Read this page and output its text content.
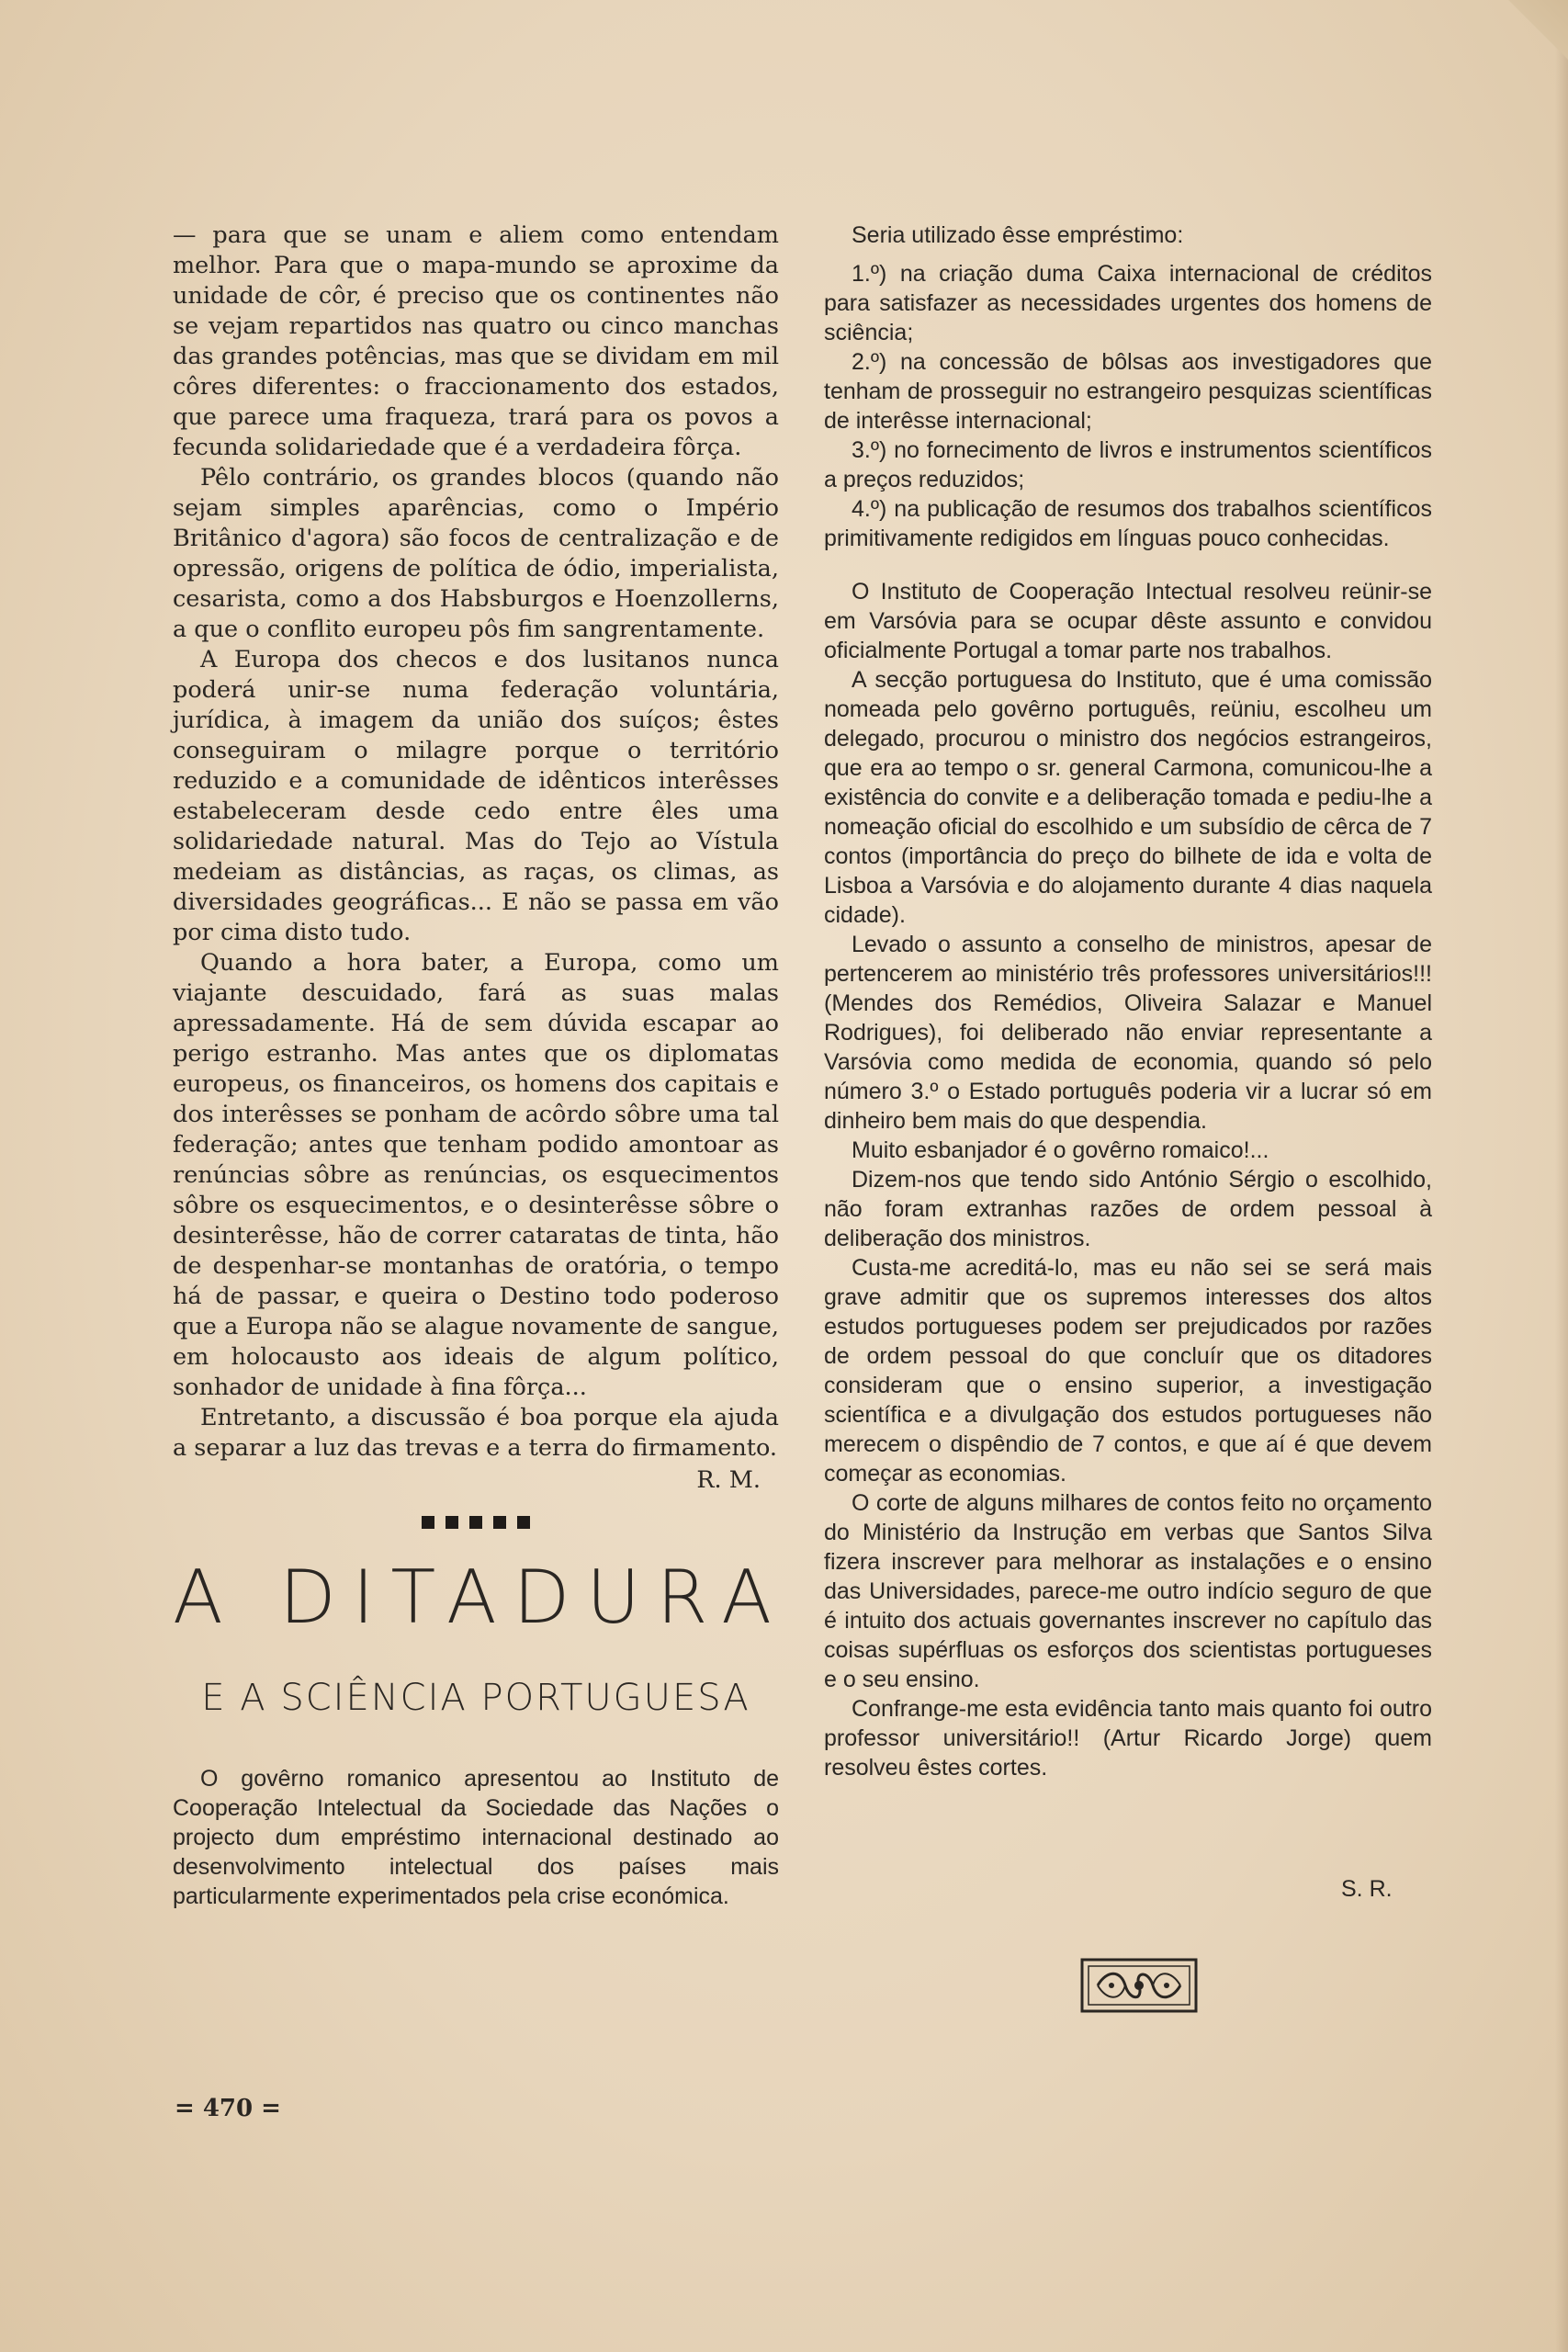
— para que se unam e aliem como entendam melhor. Para que o mapa-mundo se aproxime da unidade de côr, é preciso que os continentes não se vejam repartidos nas quatro ou cinco manchas das grandes potências, mas que se dividam em mil côres diferentes: o fraccionamento dos estados, que parece uma fraqueza, trará para os povos a fecunda solidariedade que é a verdadeira fôrça.

Pêlo contrário, os grandes blocos (quando não sejam simples aparências, como o Império Britânico d'agora) são focos de centralização e de opressão, origens de política de ódio, imperialista, cesarista, como a dos Habsburgos e Hoenzollerns, a que o conflito europeu pôs fim sangrentamente.

A Europa dos checos e dos lusitanos nunca poderá unir-se numa federação voluntária, jurídica, à imagem da união dos suíços; êstes conseguiram o milagre porque o território reduzido e a comunidade de idênticos interêsses estabeleceram desde cedo entre êles uma solidariedade natural. Mas do Tejo ao Vístula medeiam as distâncias, as raças, os climas, as diversidades geográficas... E não se passa em vão por cima disto tudo.

Quando a hora bater, a Europa, como um viajante descuidado, fará as suas malas apressadamente. Há de sem dúvida escapar ao perigo estranho. Mas antes que os diplomatas europeus, os financeiros, os homens dos capitais e dos interêsses se ponham de acôrdo sôbre uma tal federação; antes que tenham podido amontoar as renúncias sôbre as renúncias, os esquecimentos sôbre os esquecimentos, e o desinterêsse sôbre o desinterêsse, hão de correr cataratas de tinta, hão de despenhar-se montanhas de oratória, o tempo há de passar, e queira o Destino todo poderoso que a Europa não se alague novamente de sangue, em holocausto aos ideais de algum político, sonhador de unidade à fina fôrça...

Entretanto, a discussão é boa porque ela ajuda a separar a luz das trevas e a terra do firmamento.

R. M.
A DITADURA
E A SCIÊNCIA PORTUGUESA

O govêrno romanico apresentou ao Instituto de Cooperação Intelectual da Sociedade das Nações o projecto dum empréstimo internacional destinado ao desenvolvimento intelectual dos países mais particularmente experimentados pela crise económica.

Seria utilizado êsse empréstimo:

1.º) na criação duma Caixa internacional de créditos para satisfazer as necessidades urgentes dos homens de sciência;

2.º) na concessão de bôlsas aos investigadores que tenham de prosseguir no estrangeiro pesquizas scientíficas de interêsse internacional;

3.º) no fornecimento de livros e instrumentos scientíficos a preços reduzidos;

4.º) na publicação de resumos dos trabalhos scientíficos primitivamente redigidos em línguas pouco conhecidas.

O Instituto de Cooperação Intectual resolveu reünir-se em Varsóvia para se ocupar dêste assunto e convidou oficialmente Portugal a tomar parte nos trabalhos.

A secção portuguesa do Instituto, que é uma comissão nomeada pelo govêrno português, reüniu, escolheu um delegado, procurou o ministro dos negócios estrangeiros, que era ao tempo o sr. general Carmona, comunicou-lhe a existência do convite e a deliberação tomada e pediu-lhe a nomeação oficial do escolhido e um subsídio de cêrca de 7 contos (importância do preço do bilhete de ida e volta de Lisboa a Varsóvia e do alojamento durante 4 dias naquela cidade).

Levado o assunto a conselho de ministros, apesar de pertencerem ao ministério três professores universitários!!! (Mendes dos Remédios, Oliveira Salazar e Manuel Rodrigues), foi deliberado não enviar representante a Varsóvia como medida de economia, quando só pelo número 3.º o Estado português poderia vir a lucrar só em dinheiro bem mais do que despendia.

Muito esbanjador é o govêrno romaico!...

Dizem-nos que tendo sido António Sérgio o escolhido, não foram extranhas razões de ordem pessoal à deliberação dos ministros.

Custa-me acreditá-lo, mas eu não sei se será mais grave admitir que os supremos interesses dos altos estudos portugueses podem ser prejudicados por razões de ordem pessoal do que concluír que os ditadores consideram que o ensino superior, a investigação scientífica e a divulgação dos estudos portugueses não merecem o dispêndio de 7 contos, e que aí é que devem começar as economias.

O corte de alguns milhares de contos feito no orçamento do Ministério da Instrução em verbas que Santos Silva fizera inscrever para melhorar as instalações e o ensino das Universidades, parece-me outro indício seguro de que é intuito dos actuais governantes inscrever no capítulo das coisas supérfluas os esforços dos scientistas portugueses e o seu ensino.

Confrange-me esta evidência tanto mais quanto foi outro professor universitário!! (Artur Ricardo Jorge) quem resolveu êstes cortes.

S. R.
= 470 =
